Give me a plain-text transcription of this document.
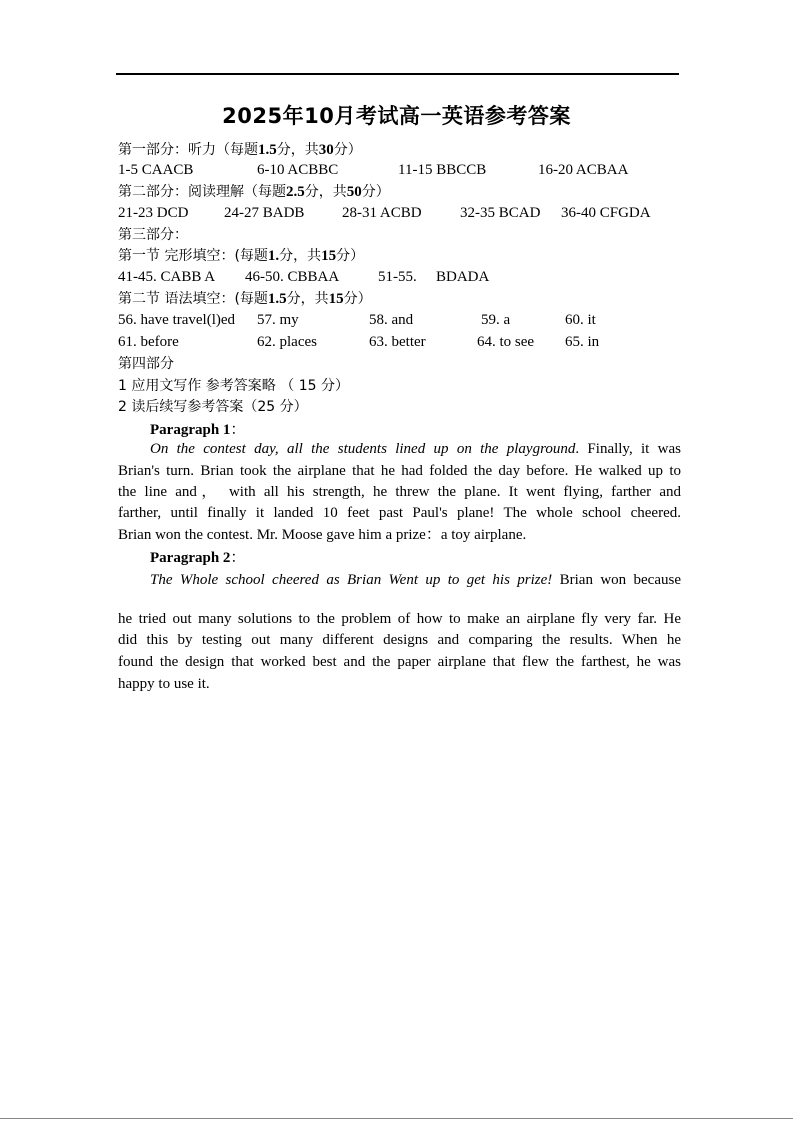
2025年10月考试高一英语参考答案
第一部分：听力（每题1.5分，共30分）
1-5 CAACB	6-10 ACBBC	11-15 BBCCB	16-20 ACBAA
第二部分：阅读理解（每题2.5分，共50分）
21-23 DCD 24-27 BADB	28-31 ACBD	32-35 BCAD 36-40 CFGDA
第三部分：
第一节 完形填空：(每题1.分，共15分）
41-45. CABB A 46-50. CBBAA	51-55. BDADA
第二节 语法填空：(每题1.5分，共15分）
56. have travel(l)ed 57. my	58. and	59. a	60. it
61. before	62. places	63. better	64. to see 65. in
第四部分
1 应用文写作 参考答案略 （ 15 分）
2 读后续写参考答案（25 分）
Paragraph 1：
On the contest day, all the students lined up on the playground. Finally, it was
Brian's turn. Brian took the airplane that he had folded the day before. He walked up to
the line and， with all his strength, he threw the plane. It went flying, farther and
farther, until finally it landed 10 feet past Paul's plane! The whole school cheered.
Brian won the contest. Mr. Moose gave him a prize：a toy airplane.
Paragraph 2：
The Whole school cheered as Brian Went up to get his prize! Brian won because
he tried out many solutions to the problem of how to make an airplane fly very far. He
did this by testing out many different designs and comparing the results. When he
found the design that worked best and the paper airplane that flew the farthest, he was
happy to use it.
